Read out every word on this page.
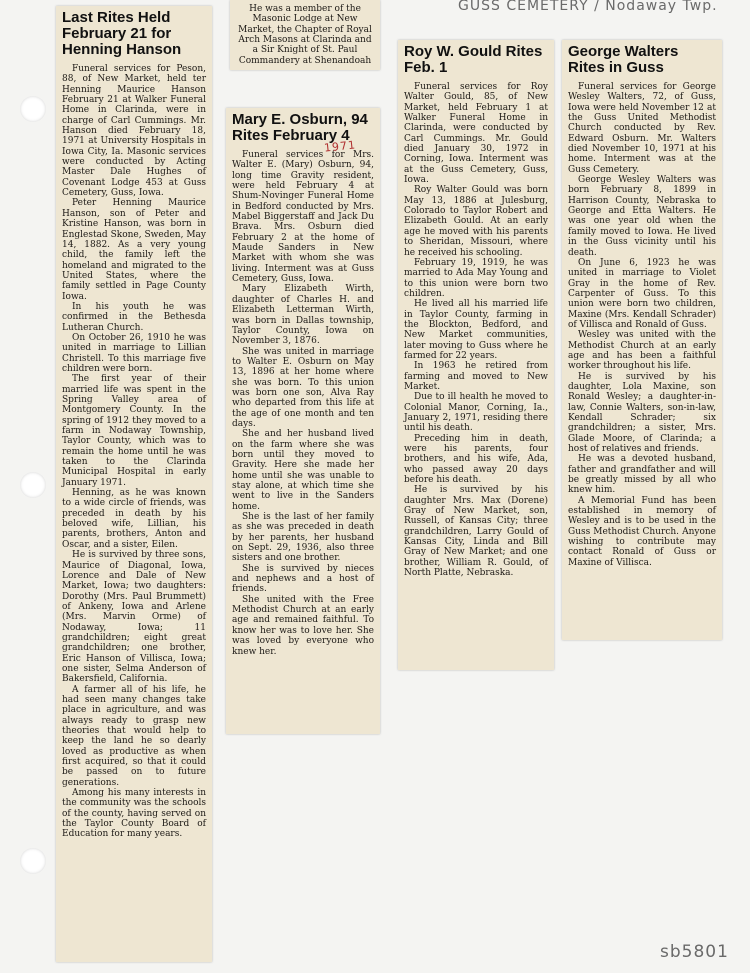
GUSS CEMETERY / Nodaway Twp.
sb5801
Last Rites Held February 21 for Henning Hanson

Funeral services for Peson, 88, of New Market, held ter Henning Maurice Hanson February 21 at Walker Funeral Home in Clarinda, were in charge of Carl Cummings. Mr. Hanson died February 18, 1971 at University Hospitals in Iowa City, Ia. Masonic services were conducted by Acting Master Dale Hughes of Covenant Lodge 453 at Guss Cemetery, Guss, Iowa.

Peter Henning Maurice Hanson, son of Peter and Kristine Hanson, was born in Englestad Skone, Sweden, May 14, 1882. As a very young child, the family left the homeland and migrated to the United States, where the family settled in Page County Iowa.

In his youth he was confirmed in the Bethesda Lutheran Church.

On October 26, 1910 he was united in marriage to Lillian Christell. To this marriage five children were born.

The first year of their married life was spent in the Spring Valley area of Montgomery County. In the spring of 1912 they moved to a farm in Nodaway Township, Taylor County, which was to remain the home until he was taken to the Clarinda Municipal Hospital in early January 1971.

Henning, as he was known to a wide circle of friends, was preceded in death by his beloved wife, Lillian, his parents, brothers, Anton and Oscar, and a sister, Eilen.

He is survived by three sons, Maurice of Diagonal, Iowa, Lorence and Dale of New Market, Iowa; two daughters: Dorothy (Mrs. Paul Brummett) of Ankeny, Iowa and Arlene (Mrs. Marvin Orme) of Nodaway, Iowa; 11 grandchildren; eight great grandchildren; one brother, Eric Hanson of Villisca, Iowa; one sister, Selma Anderson of Bakersfield, California.

A farmer all of his life, he had seen many changes take place in agriculture, and was always ready to grasp new theories that would help to keep the land he so dearly loved as productive as when first acquired, so that it could be passed on to future generations.

Among his many interests in the community was the schools of the county, having served on the Taylor County Board of Education for many years.

He was a member of the Masonic Lodge at New Market, the Chapter of Royal Arch Masons at Clarinda and a Sir Knight of St. Paul Commandery at Shenandoah

Mary E. Osburn, 94 Rites February 4

Funeral services for Mrs. Walter E. (Mary) Osburn, 94, long time Gravity resident, were held February 4 at Shum-Novinger Funeral Home in Bedford conducted by Mrs. Mabel Biggerstaff and Jack Du Brava. Mrs. Osburn died February 2 at the home of Maude Sanders in New Market with whom she was living. Interment was at Guss Cemetery, Guss, Iowa.

Mary Elizabeth Wirth, daughter of Charles H. and Elizabeth Letterman Wirth, was born in Dallas township, Taylor County, Iowa on November 3, 1876.

She was united in marriage to Walter E. Osburn on May 13, 1896 at her home where she was born. To this union was born one son, Alva Ray who departed from this life at the age of one month and ten days.

She and her husband lived on the farm where she was born until they moved to Gravity. Here she made her home until she was unable to stay alone, at which time she went to live in the Sanders home.

She is the last of her family as she was preceded in death by her parents, her husband on Sept. 29, 1936, also three sisters and one brother.

She is survived by nieces and nephews and a host of friends.

She united with the Free Methodist Church at an early age and remained faithful. To know her was to love her. She was loved by everyone who knew her.

1971
Roy W. Gould Rites Feb. 1

Funeral services for Roy Walter Gould, 85, of New Market, held February 1 at Walker Funeral Home in Clarinda, were conducted by Carl Cummings. Mr. Gould died January 30, 1972 in Corning, Iowa. Interment was at the Guss Cemetery, Guss, Iowa.

Roy Walter Gould was born May 13, 1886 at Julesburg, Colorado to Taylor Robert and Elizabeth Gould. At an early age he moved with his parents to Sheridan, Missouri, where he received his schooling.

February 19, 1919, he was married to Ada May Young and to this union were born two children.

He lived all his married life in Taylor County, farming in the Blockton, Bedford, and New Market communities, later moving to Guss where he farmed for 22 years.

In 1963 he retired from farming and moved to New Market.

Due to ill health he moved to Colonial Manor, Corning, Ia., January 2, 1971, residing there until his death.

Preceding him in death, were his parents, four brothers, and his wife, Ada, who passed away 20 days before his death.

He is survived by his daughter Mrs. Max (Dorene) Gray of New Market, son, Russell, of Kansas City; three grandchildren, Larry Gould of Kansas City, Linda and Bill Gray of New Market; and one brother, William R. Gould, of North Platte, Nebraska.

George Walters Rites in Guss

Funeral services for George Wesley Walters, 72, of Guss, Iowa were held November 12 at the Guss United Methodist Church conducted by Rev. Edward Osburn. Mr. Walters died November 10, 1971 at his home. Interment was at the Guss Cemetery.

George Wesley Walters was born February 8, 1899 in Harrison County, Nebraska to George and Etta Walters. He was one year old when the family moved to Iowa. He lived in the Guss vicinity until his death.

On June 6, 1923 he was united in marriage to Violet Gray in the home of Rev. Carpenter of Guss. To this union were born two children, Maxine (Mrs. Kendall Schrader) of Villisca and Ronald of Guss.

Wesley was united with the Methodist Church at an early age and has been a faithful worker throughout his life.

He is survived by his daughter, Lola Maxine, son Ronald Wesley; a daughter-in-law, Connie Walters, son-in-law, Kendall Schrader; six grandchildren; a sister, Mrs. Glade Moore, of Clarinda; a host of relatives and friends.

He was a devoted husband, father and grandfather and will be greatly missed by all who knew him.

A Memorial Fund has been established in memory of Wesley and is to be used in the Guss Methodist Church. Anyone wishing to contribute may contact Ronald of Guss or Maxine of Villisca.
